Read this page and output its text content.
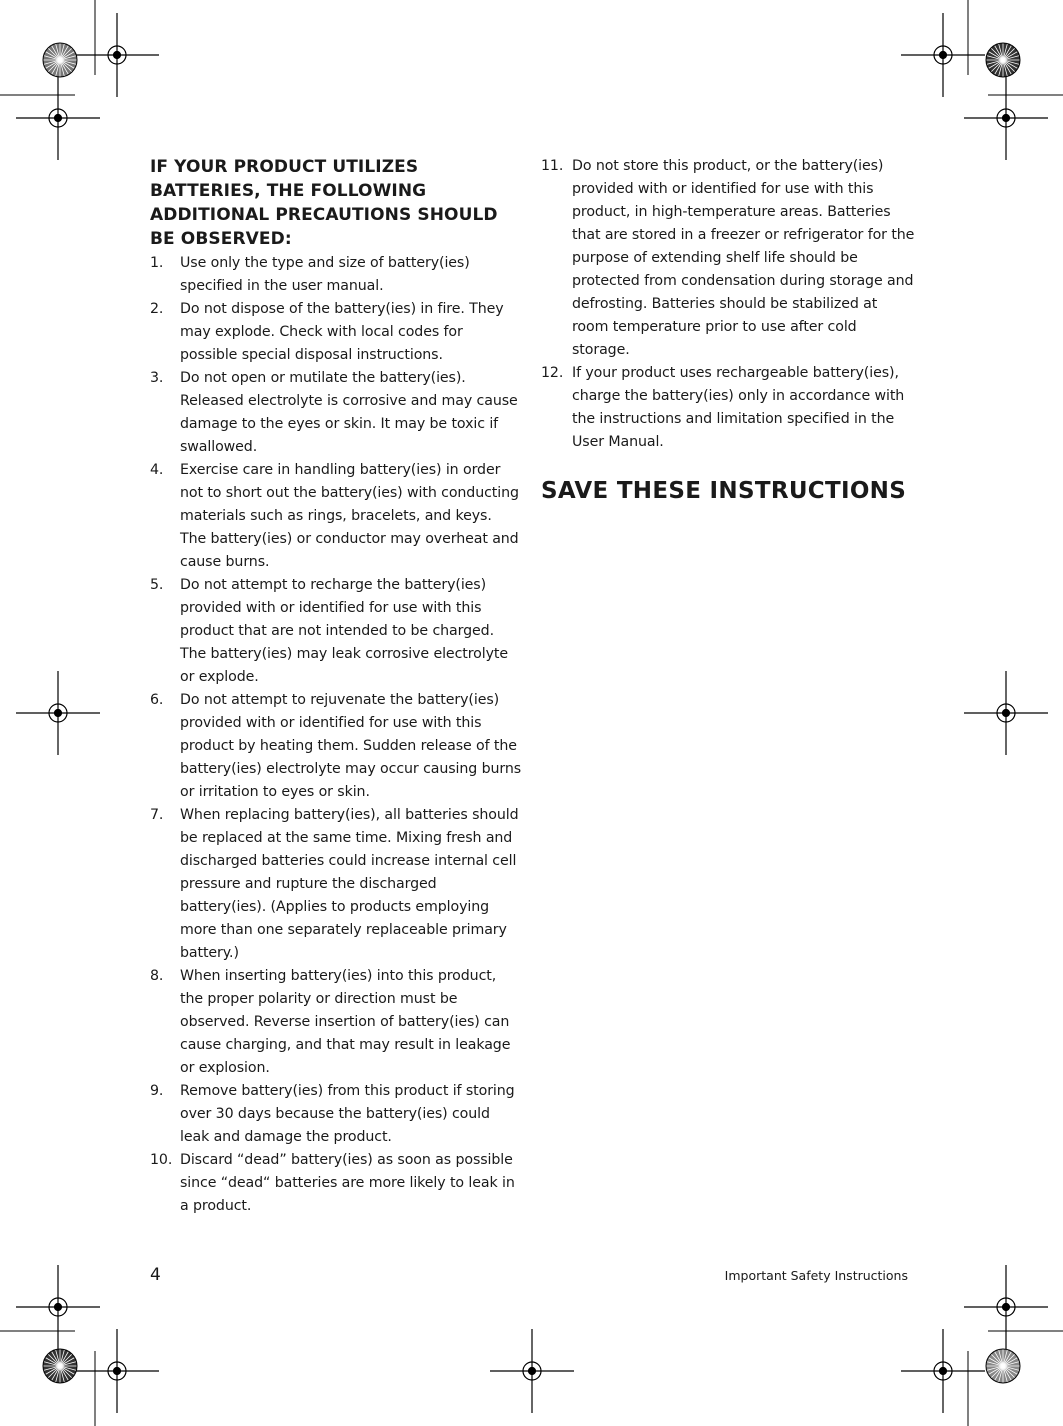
IF YOUR PRODUCT UTILIZES BATTERIES, THE FOLLOWING ADDITIONAL PRECAUTIONS SHOULD BE OBSERVED:
1. Use only the type and size of battery(ies) specified in the user manual.
2. Do not dispose of the battery(ies) in fire. They may explode. Check with local codes for possible special disposal instructions.
3. Do not open or mutilate the battery(ies). Released electrolyte is corrosive and may cause damage to the eyes or skin. It may be toxic if swallowed.
4. Exercise care in handling battery(ies) in order not to short out the battery(ies) with conducting materials such as rings, bracelets, and keys. The battery(ies) or conductor may overheat and cause burns.
5. Do not attempt to recharge the battery(ies) provided with or identified for use with this product that are not intended to be charged. The battery(ies) may leak corrosive electrolyte or explode.
6. Do not attempt to rejuvenate the battery(ies) provided with or identified for use with this product by heating them. Sudden release of the battery(ies) electrolyte may occur causing burns or irritation to eyes or skin.
7. When replacing battery(ies), all batteries should be replaced at the same time. Mixing fresh and discharged batteries could increase internal cell pressure and rupture the discharged battery(ies). (Applies to products employing more than one separately replaceable primary battery.)
8. When inserting battery(ies) into this product, the proper polarity or direction must be observed. Reverse insertion of battery(ies) can cause charging, and that may result in leakage or explosion.
9. Remove battery(ies) from this product if storing over 30 days because the battery(ies) could leak and damage the product.
10. Discard “dead” battery(ies) as soon as possible since “dead“ batteries are more likely to leak in a product.
11. Do not store this product, or the battery(ies) provided with or identified for use with this product, in high-temperature areas. Batteries that are stored in a freezer or refrigerator for the purpose of extending shelf life should be protected from condensation during storage and defrosting. Batteries should be stabilized at room temperature prior to use after cold storage.
12. If your product uses rechargeable battery(ies), charge the battery(ies) only in accordance with the instructions and limitation specified in the User Manual.
SAVE THESE INSTRUCTIONS
4	Important Safety Instructions
